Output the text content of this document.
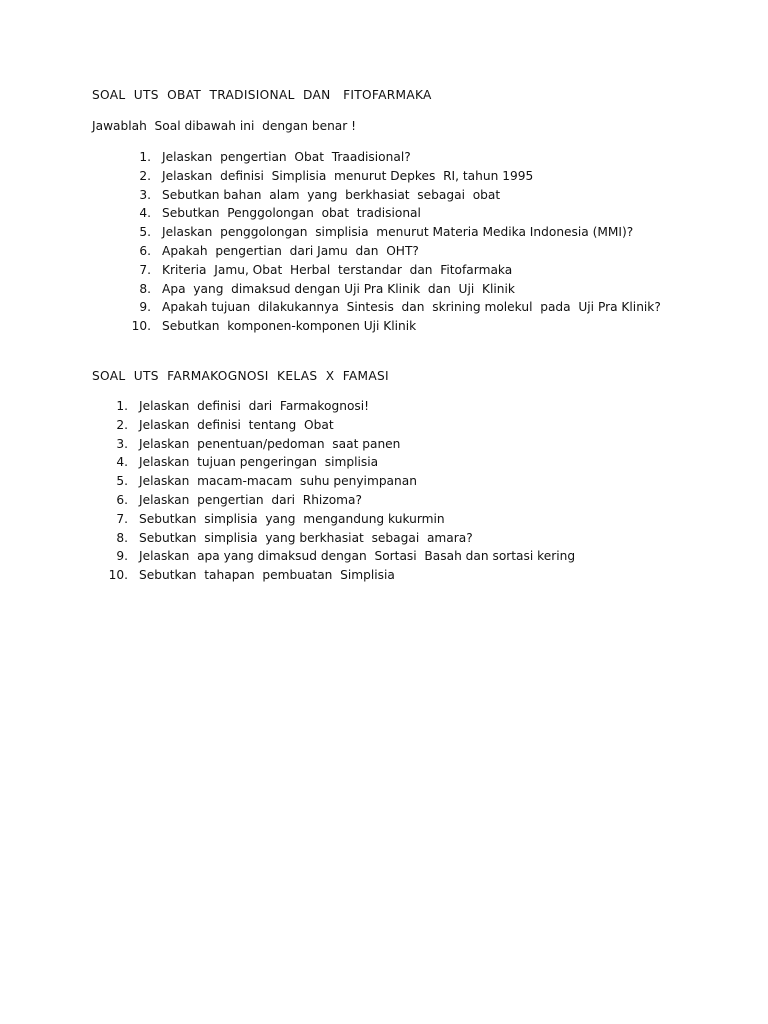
SOAL  UTS  OBAT  TRADISIONAL  DAN   FITOFARMAKA
Jawablah  Soal dibawah ini  dengan benar !
1. Jelaskan  pengertian  Obat  Traadisional?
2. Jelaskan  definisi  Simplisia  menurut Depkes  RI, tahun 1995
3. Sebutkan bahan  alam  yang  berkhasiat  sebagai  obat
4. Sebutkan  Penggolongan  obat  tradisional
5. Jelaskan  penggolongan  simplisia  menurut Materia Medika Indonesia (MMI)?
6. Apakah  pengertian  dari Jamu  dan  OHT?
7. Kriteria  Jamu, Obat  Herbal  terstandar  dan  Fitofarmaka
8. Apa  yang  dimaksud dengan Uji Pra Klinik  dan  Uji  Klinik
9. Apakah tujuan  dilakukannya  Sintesis  dan  skrining molekul  pada  Uji Pra Klinik?
10. Sebutkan  komponen-komponen Uji Klinik
SOAL  UTS  FARMAKOGNOSI  KELAS  X  FAMASI
1. Jelaskan  definisi  dari  Farmakognosi!
2. Jelaskan  definisi  tentang  Obat
3. Jelaskan  penentuan/pedoman  saat panen
4. Jelaskan  tujuan pengeringan  simplisia
5. Jelaskan  macam-macam  suhu penyimpanan
6. Jelaskan  pengertian  dari  Rhizoma?
7. Sebutkan  simplisia  yang  mengandung kukurmin
8. Sebutkan  simplisia  yang berkhasiat  sebagai  amara?
9. Jelaskan  apa yang dimaksud dengan  Sortasi  Basah dan sortasi kering
10. Sebutkan  tahapan  pembuatan  Simplisia
